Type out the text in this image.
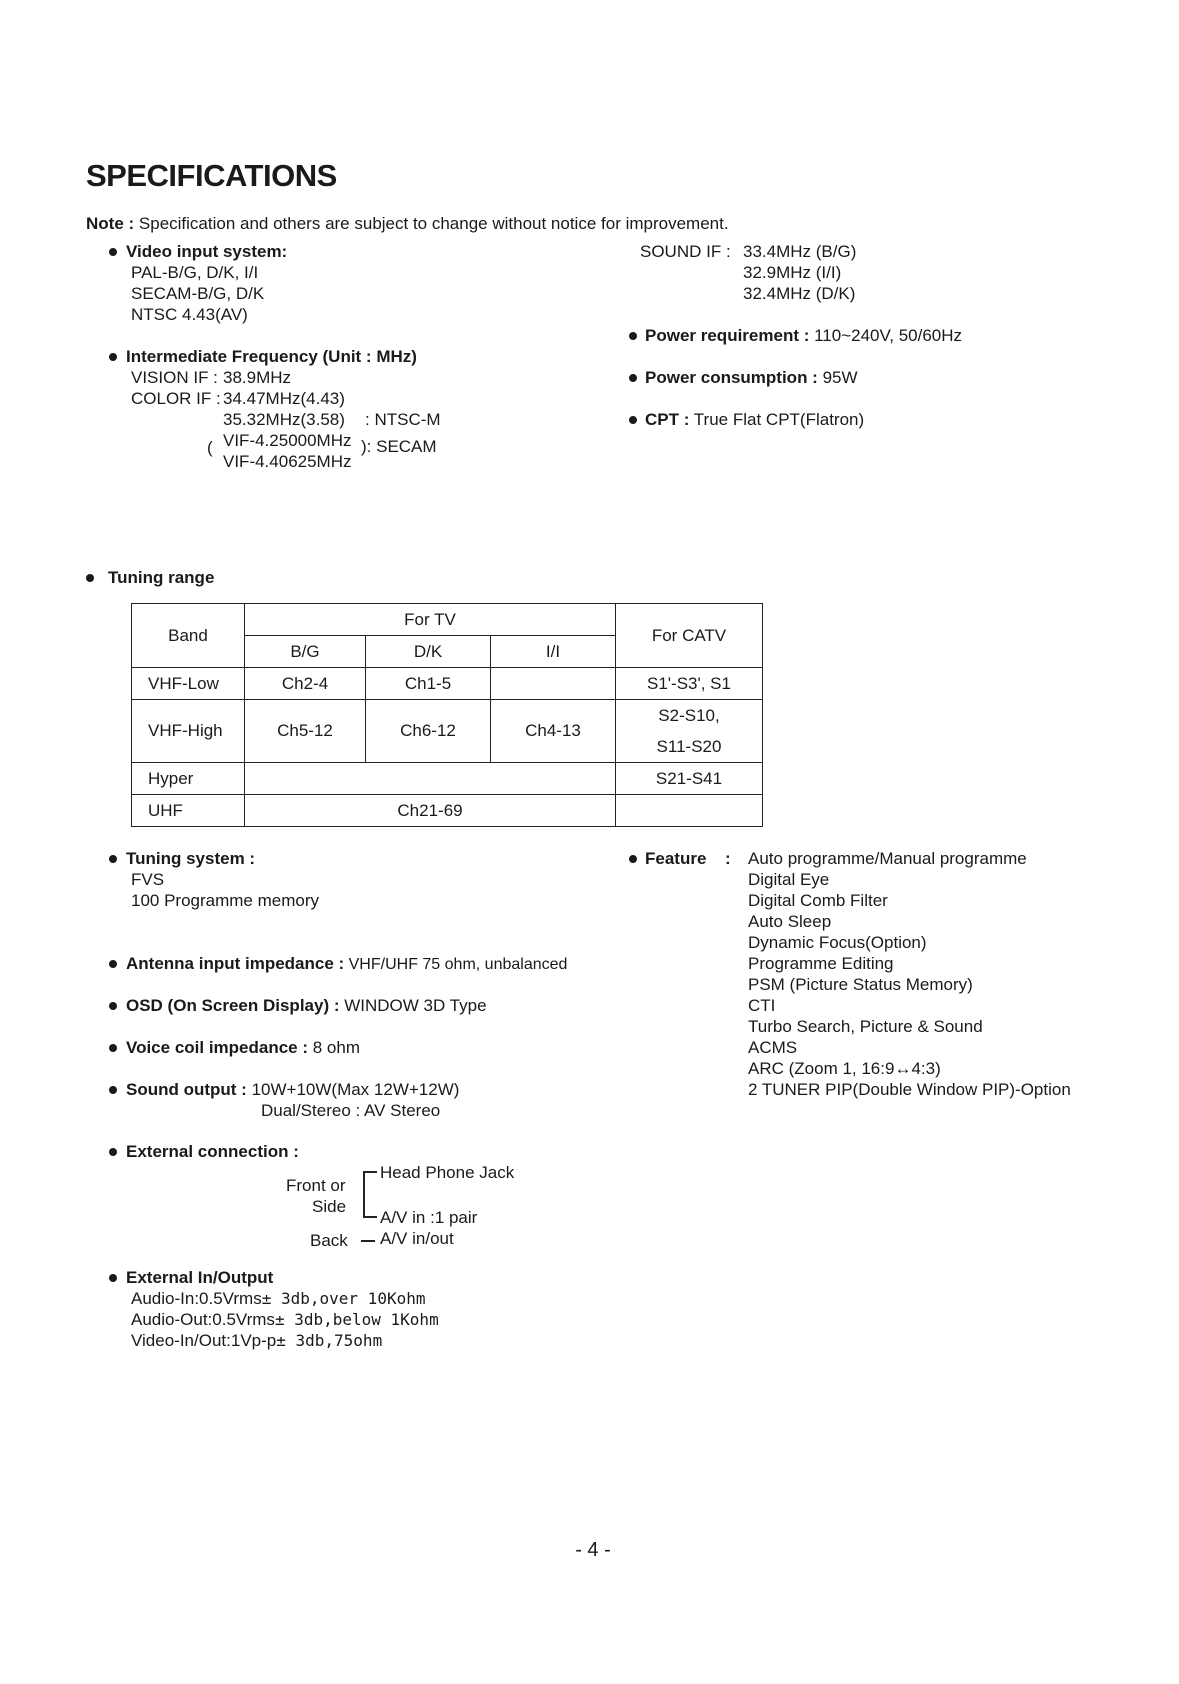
SPECIFICATIONS
Note : Specification and others are subject to change without notice for improvement.
Video input system:
PAL-B/G, D/K, I/I
SECAM-B/G, D/K
NTSC 4.43(AV)
Intermediate Frequency (Unit : MHz)
VISION IF : 38.9MHz
COLOR IF : 34.47MHz(4.43)
35.32MHz(3.58) : NTSC-M
( VIF-4.25000MHz
VIF-4.40625MHz
): SECAM
SOUND IF : 33.4MHz (B/G)
32.9MHz (I/I)
32.4MHz (D/K)
Power requirement : 110~240V, 50/60Hz
Power consumption : 95W
CPT : True Flat CPT(Flatron)
Tuning range
Band	For TV			For CATV
	B/G	D/K	I/I	
VHF-Low	Ch2-4	Ch1-5		S1'-S3', S1
VHF-High	Ch5-12	Ch6-12	Ch4-13	S2-S10,
				S11-S20
Hyper				S21-S41
UHF	Ch21-69			
Tuning system :
FVS
100 Programme memory
Antenna input impedance : VHF/UHF 75 ohm, unbalanced
OSD (On Screen Display) : WINDOW 3D Type
Voice coil impedance : 8 ohm
Sound output : 10W+10W(Max 12W+12W)
Dual/Stereo : AV Stereo
External connection :
Front or
Side
Head Phone Jack
A/V in :1 pair
Back A/V in/out
External In/Output
Audio-In:0.5Vrms± 3db,over 10Kohm
Audio-Out:0.5Vrms± 3db,below 1Kohm
Video-In/Out:1Vp-p± 3db,75ohm
Feature : Auto programme/Manual programme
Digital Eye
Digital Comb Filter
Auto Sleep
Dynamic Focus(Option)
Programme Editing
PSM (Picture Status Memory)
CTI
Turbo Search, Picture & Sound
ACMS
ARC (Zoom 1, 16:9↔4:3)
2 TUNER PIP(Double Window PIP)-Option
- 4 -
